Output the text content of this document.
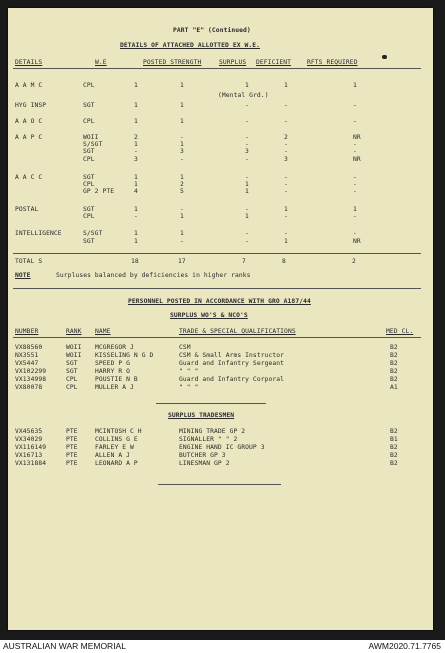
PART "E" (Continued)
DETAILS OF ATTACHED ALLOTTED EX W.E.
DETAILS	W.E	POSTED STRENGTH	SURPLUS DEFICIENT	RFTS REQUIRED
A A M C	CPL	1	1	1	1	1
(Mental Grd.)
HYG INSP	SGT	1	1	-	-	-
A A O C	CPL	1	1	-	-	-
A A P C	WOII	2	-	-	2	NR
S/SGT	1	1	-	-	-
SGT	-	3	3	-	-
CPL	3	-	-	3	NR
A A C C	SGT	1	1	-	-	-
CPL	1	2	1	-	-
GP 2 PTE	4	5	1	-	-
POSTAL	SGT	1	-	-	1	1
CPL	-	1	1	-	-
INTELLIGENCE	S/SGT	1	1	-	-	-
SGT	1	-	-	1	NR
TOTAL S	18	17	7	8	2
NOTE	Surpluses balanced by deficiencies in higher ranks
PERSONNEL POSTED IN ACCORDANCE WITH GRO A187/44
SURPLUS WO'S & NCO'S
NUMBER	RANK NAME	TRADE & SPECIAL QUALIFICATIONS	MED CL.
VX88560	WOII MCGREGOR J	CSM	B2
NX3551	WOII KISSELING N G D	CSM & Small Arms Instructor	B2
VX5447	SGT	SPEED P G	Guard and Infantry Sergeant	B2
VX102299	SGT	HARRY R O	" " "	B2
VX134998	CPL	POUSTIE N B	Guard and Infantry Corporal	B2
VX80078	CPL	MULLER A J	" " "	A1
SURPLUS TRADESMEN
VX45635	PTE	MCINTOSH C H	MINING TRADE GP 2	B2
VX34029	PTE	COLLINS G E	SIGNALLER " " 2	B1
VX116149	PTE	FARLEY E W	ENGINE HAND IC GROUP 3	B2
VX16713	PTE	ALLEN A J	BUTCHER GP 3	B2
VX131884	PTE	LEONARD A P	LINESMAN GP 2	B2
AUSTRALIAN WAR MEMORIAL	AWM2020.71.7765
